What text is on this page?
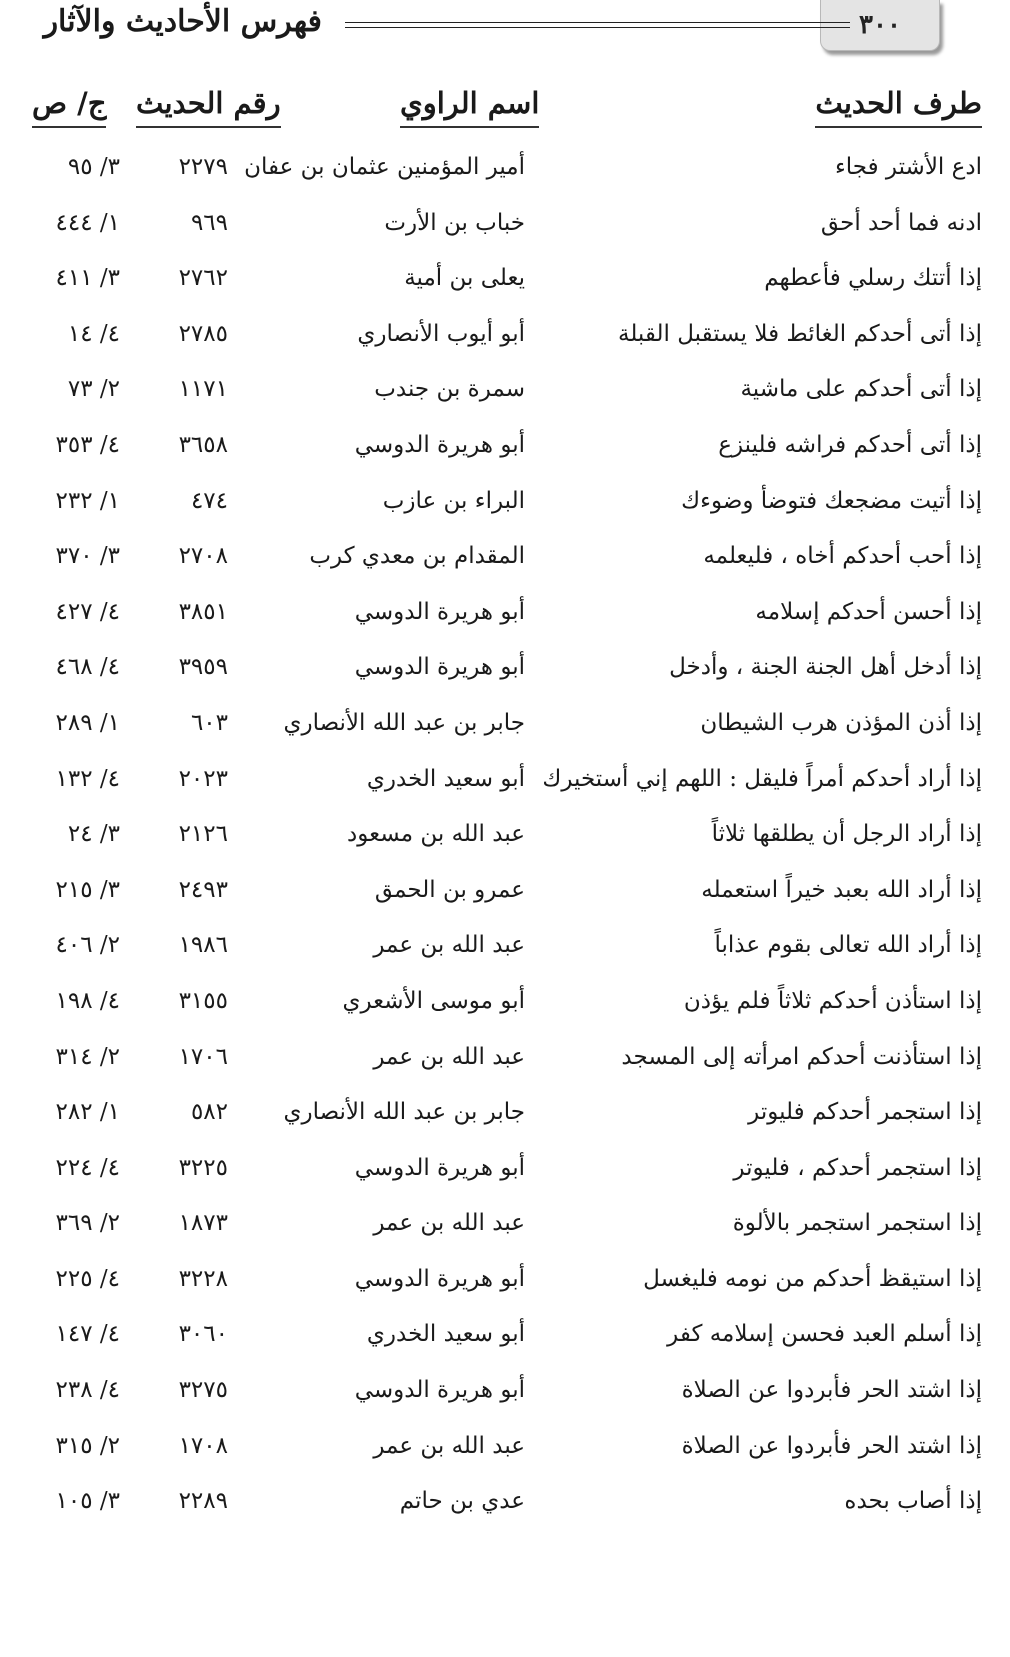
٣٠٠
فهرس الأحاديث والآثار
طرف الحديث
اسم الراوي
رقم الحديث
ج/ ص
ادع الأشتر فجاء
أمير المؤمنين عثمان بن عفان
٢٢٧٩
٣/ ٩٥
ادنه فما أحد أحق
خباب بن الأرت
٩٦٩
١/ ٤٤٤
إذا أتتك رسلي فأعطهم
يعلى بن أمية
٢٧٦٢
٣/ ٤١١
إذا أتى أحدكم الغائط فلا يستقبل القبلة
أبو أيوب الأنصاري
٢٧٨٥
٤/ ١٤
إذا أتى أحدكم على ماشية
سمرة بن جندب
١١٧١
٢/ ٧٣
إذا أتى أحدكم فراشه فلينزع
أبو هريرة الدوسي
٣٦٥٨
٤/ ٣٥٣
إذا أتيت مضجعك فتوضأ وضوءك
البراء بن عازب
٤٧٤
١/ ٢٣٢
إذا أحب أحدكم أخاه ، فليعلمه
المقدام بن معدي كرب
٢٧٠٨
٣/ ٣٧٠
إذا أحسن أحدكم إسلامه
أبو هريرة الدوسي
٣٨٥١
٤/ ٤٢٧
إذا أدخل أهل الجنة الجنة ، وأدخل
أبو هريرة الدوسي
٣٩٥٩
٤/ ٤٦٨
إذا أذن المؤذن هرب الشيطان
جابر بن عبد الله الأنصاري
٦٠٣
١/ ٢٨٩
إذا أراد أحدكم أمراً فليقل : اللهم إني أستخيرك
أبو سعيد الخدري
٢٠٢٣
٤/ ١٣٢
إذا أراد الرجل أن يطلقها ثلاثاً
عبد الله بن مسعود
٢١٢٦
٣/ ٢٤
إذا أراد الله بعبد خيراً استعمله
عمرو بن الحمق
٢٤٩٣
٣/ ٢١٥
إذا أراد الله تعالى بقوم عذاباً
عبد الله بن عمر
١٩٨٦
٢/ ٤٠٦
إذا استأذن أحدكم ثلاثاً فلم يؤذن
أبو موسى الأشعري
٣١٥٥
٤/ ١٩٨
إذا استأذنت أحدكم امرأته إلى المسجد
عبد الله بن عمر
١٧٠٦
٢/ ٣١٤
إذا استجمر أحدكم فليوتر
جابر بن عبد الله الأنصاري
٥٨٢
١/ ٢٨٢
إذا استجمر أحدكم ، فليوتر
أبو هريرة الدوسي
٣٢٢٥
٤/ ٢٢٤
إذا استجمر استجمر بالألوة
عبد الله بن عمر
١٨٧٣
٢/ ٣٦٩
إذا استيقظ أحدكم من نومه فليغسل
أبو هريرة الدوسي
٣٢٢٨
٤/ ٢٢٥
إذا أسلم العبد فحسن إسلامه كفر
أبو سعيد الخدري
٣٠٦٠
٤/ ١٤٧
إذا اشتد الحر فأبردوا عن الصلاة
أبو هريرة الدوسي
٣٢٧٥
٤/ ٢٣٨
إذا اشتد الحر فأبردوا عن الصلاة
عبد الله بن عمر
١٧٠٨
٢/ ٣١٥
إذا أصاب بحده
عدي بن حاتم
٢٢٨٩
٣/ ١٠٥
